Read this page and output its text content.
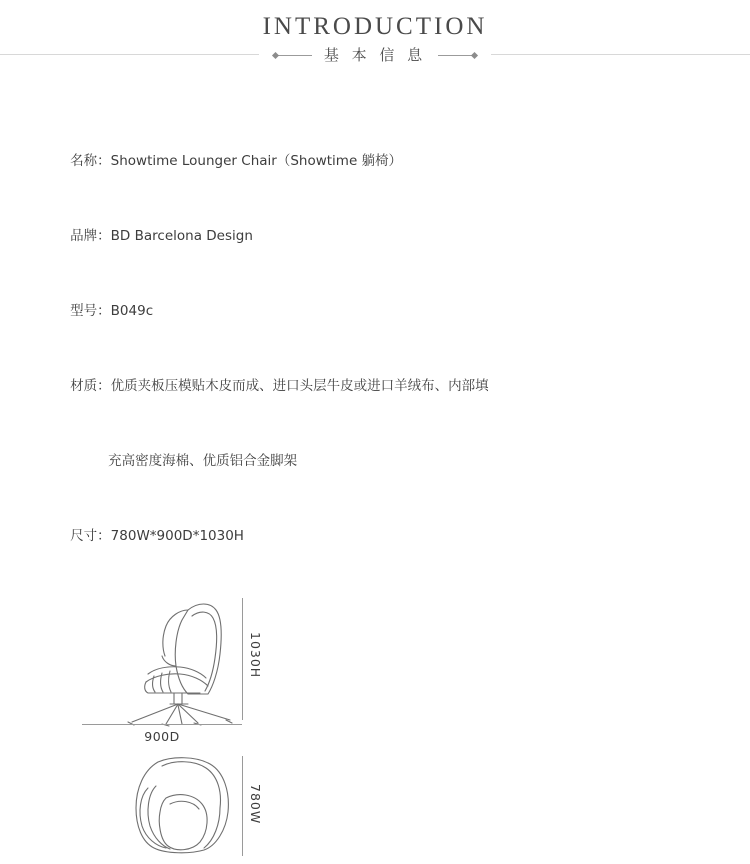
INTRODUCTION
基 本 信 息

名称：Showtime Lounger Chair（Showtime 躺椅）

品牌：BD Barcelona Design

型号：B049c

材质：优质夹板压模贴木皮而成、进口头层牛皮或进口羊绒布、内部填

充高密度海棉、优质铝合金脚架

尺寸：780W*900D*1030H

1030H
900D
780W
